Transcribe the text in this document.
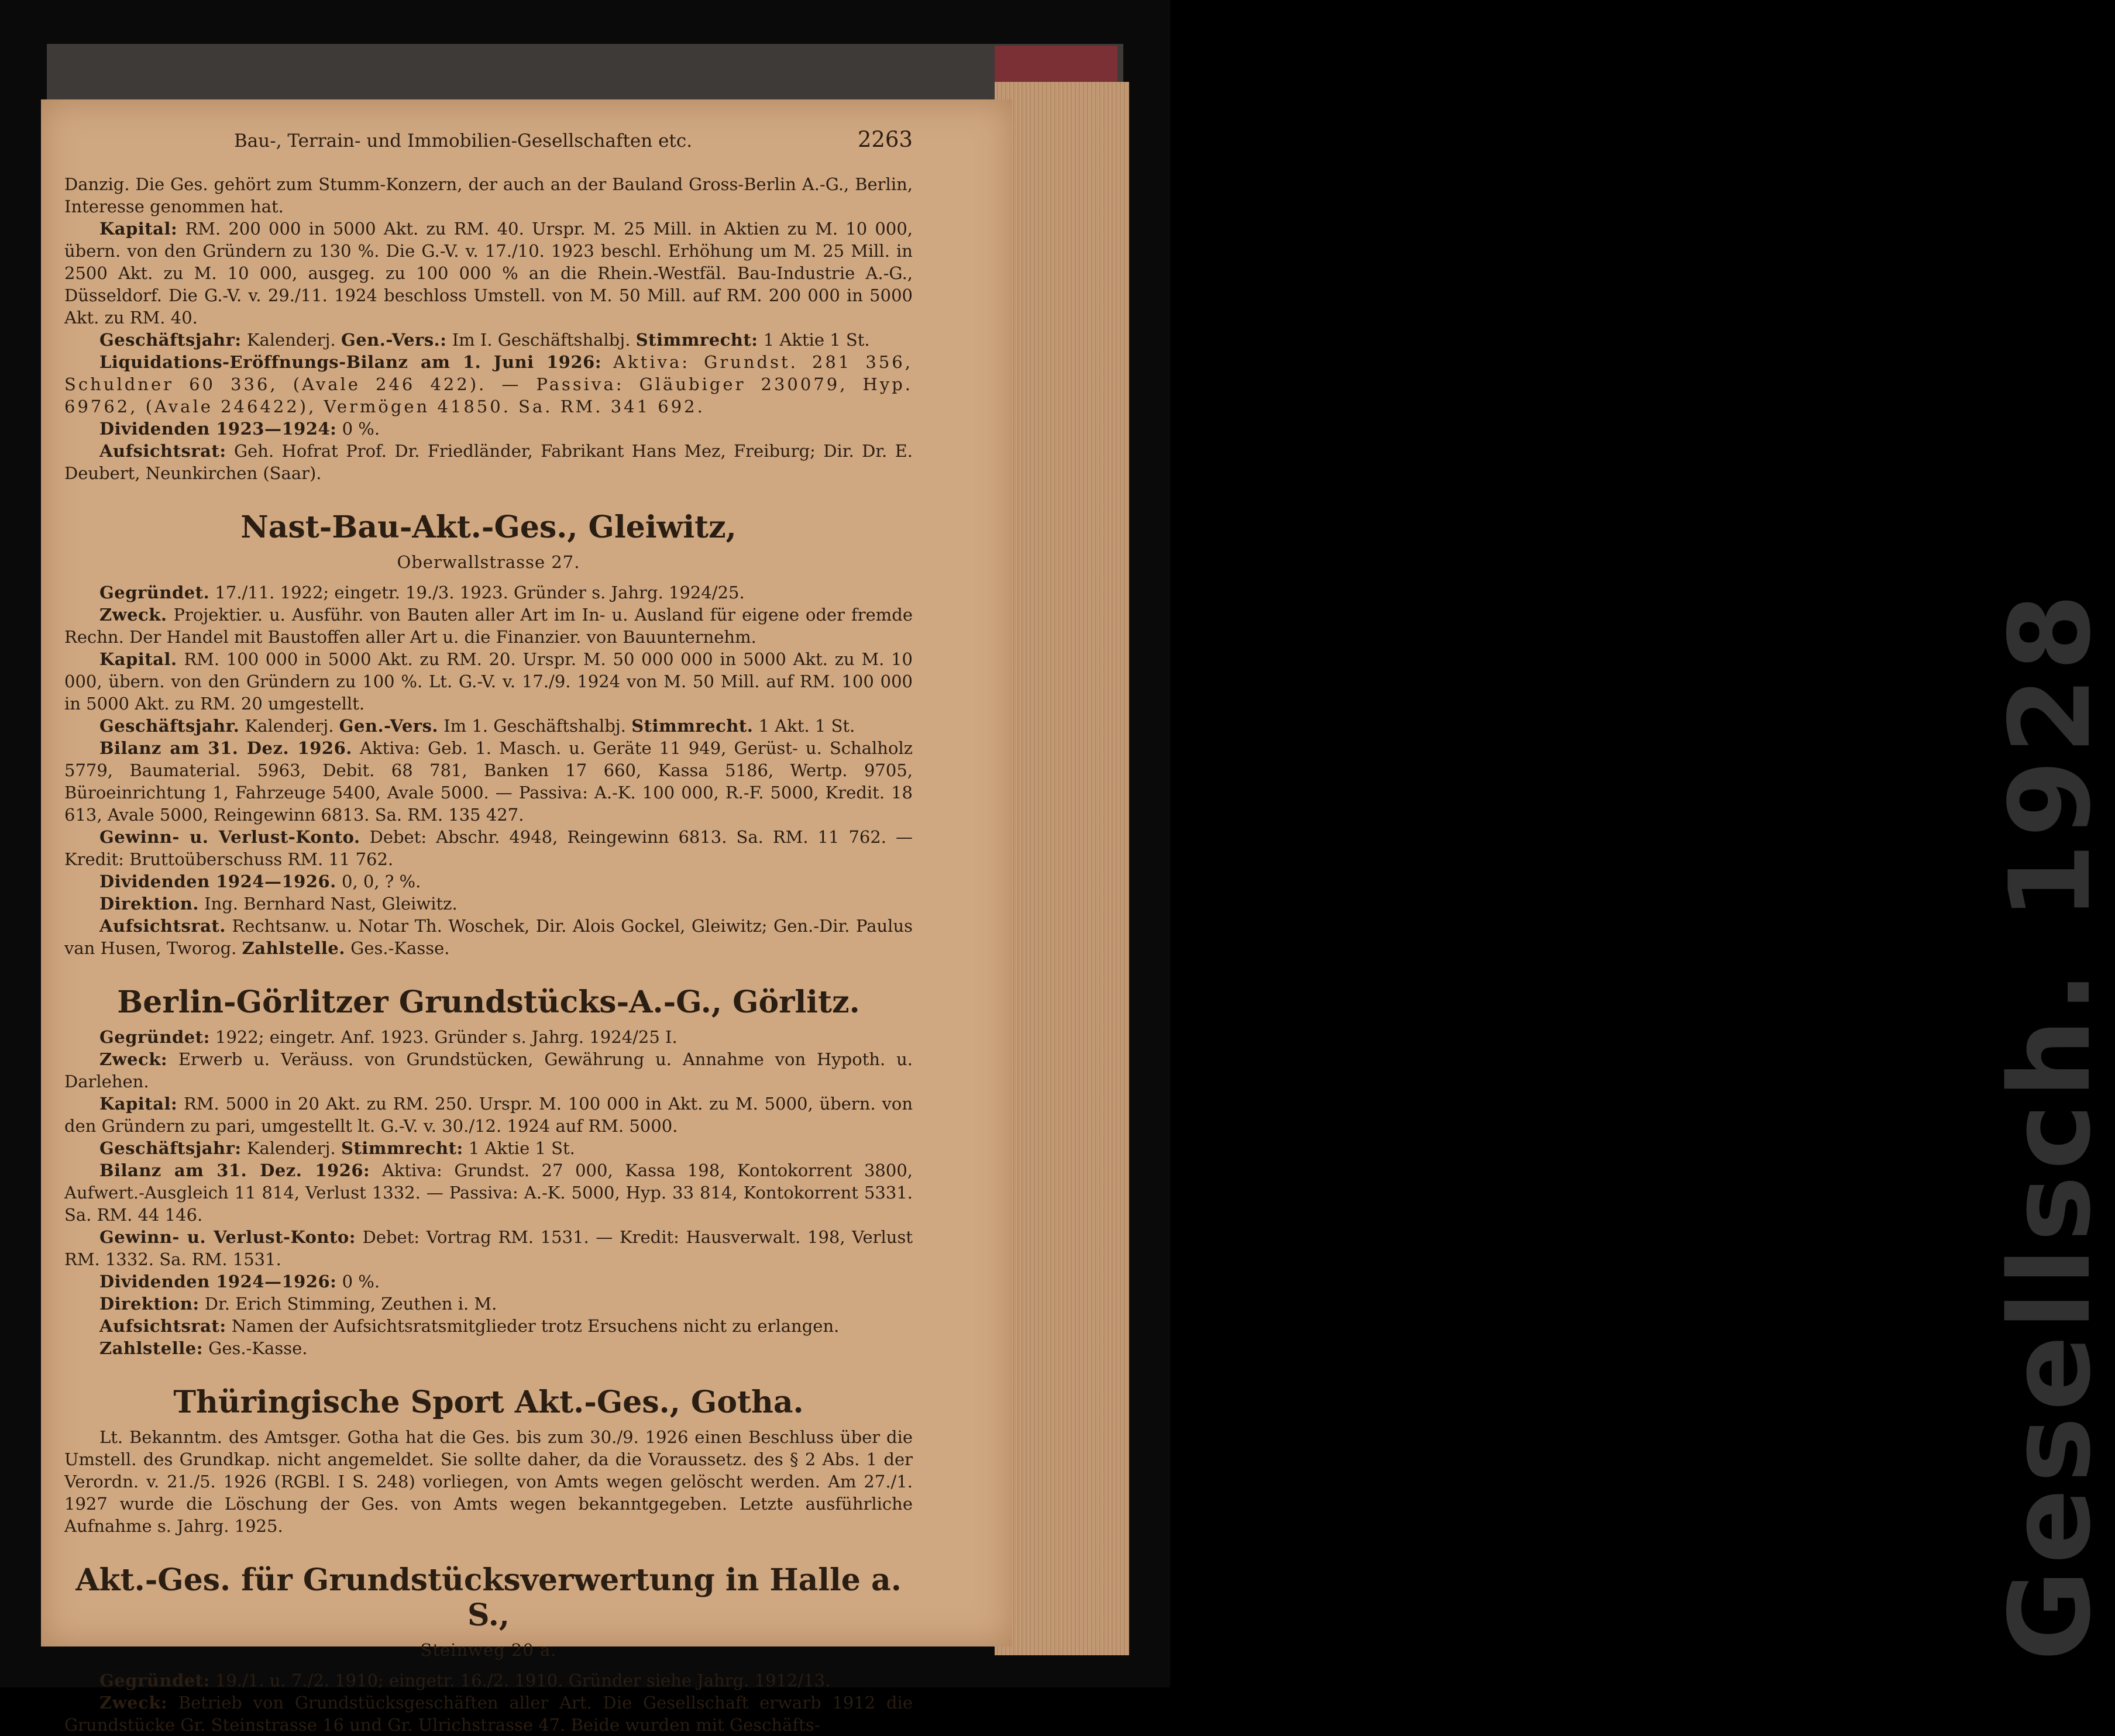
Gesellsch. 1928
Bau-, Terrain- und Immobilien-Gesellschaften etc.	2263

Danzig. Die Ges. gehört zum Stumm-Konzern, der auch an der Bauland Gross-Berlin A.-G., Berlin, Interesse genommen hat.

Kapital: RM. 200 000 in 5000 Akt. zu RM. 40. Urspr. M. 25 Mill. in Aktien zu M. 10 000, übern. von den Gründern zu 130 %. Die G.-V. v. 17./10. 1923 beschl. Erhöhung um M. 25 Mill. in 2500 Akt. zu M. 10 000, ausgeg. zu 100 000 % an die Rhein.-Westfäl. Bau-Industrie A.-G., Düsseldorf. Die G.-V. v. 29./11. 1924 beschloss Umstell. von M. 50 Mill. auf RM. 200 000 in 5000 Akt. zu RM. 40.

Geschäftsjahr: Kalenderj. Gen.-Vers.: Im I. Geschäftshalbj. Stimmrecht: 1 Aktie 1 St.

Liquidations-Eröffnungs-Bilanz am 1. Juni 1926: Aktiva: Grundst. 281 356, Schuldner 60 336, (Avale 246 422). — Passiva: Gläubiger 230079, Hyp. 69762, (Avale 246422), Vermögen 41850. Sa. RM. 341 692.

Dividenden 1923—1924: 0 %.

Aufsichtsrat: Geh. Hofrat Prof. Dr. Friedländer, Fabrikant Hans Mez, Freiburg; Dir. Dr. E. Deubert, Neunkirchen (Saar).

Nast-Bau-Akt.-Ges., Gleiwitz,
Oberwallstrasse 27.

Gegründet. 17./11. 1922; eingetr. 19./3. 1923. Gründer s. Jahrg. 1924/25.

Zweck. Projektier. u. Ausführ. von Bauten aller Art im In- u. Ausland für eigene oder fremde Rechn. Der Handel mit Baustoffen aller Art u. die Finanzier. von Bauunternehm.

Kapital. RM. 100 000 in 5000 Akt. zu RM. 20. Urspr. M. 50 000 000 in 5000 Akt. zu M. 10 000, übern. von den Gründern zu 100 %. Lt. G.-V. v. 17./9. 1924 von M. 50 Mill. auf RM. 100 000 in 5000 Akt. zu RM. 20 umgestellt.

Geschäftsjahr. Kalenderj. Gen.-Vers. Im 1. Geschäftshalbj. Stimmrecht. 1 Akt. 1 St.

Bilanz am 31. Dez. 1926. Aktiva: Geb. 1. Masch. u. Geräte 11 949, Gerüst- u. Schalholz 5779, Baumaterial. 5963, Debit. 68 781, Banken 17 660, Kassa 5186, Wertp. 9705, Büroeinrichtung 1, Fahrzeuge 5400, Avale 5000. — Passiva: A.-K. 100 000, R.-F. 5000, Kredit. 18 613, Avale 5000, Reingewinn 6813. Sa. RM. 135 427.

Gewinn- u. Verlust-Konto. Debet: Abschr. 4948, Reingewinn 6813. Sa. RM. 11 762. — Kredit: Bruttoüberschuss RM. 11 762.

Dividenden 1924—1926. 0, 0, ? %.

Direktion. Ing. Bernhard Nast, Gleiwitz.

Aufsichtsrat. Rechtsanw. u. Notar Th. Woschek, Dir. Alois Gockel, Gleiwitz; Gen.-Dir. Paulus van Husen, Tworog. Zahlstelle. Ges.-Kasse.

Berlin-Görlitzer Grundstücks-A.-G., Görlitz.

Gegründet: 1922; eingetr. Anf. 1923. Gründer s. Jahrg. 1924/25 I.

Zweck: Erwerb u. Veräuss. von Grundstücken, Gewährung u. Annahme von Hypoth. u. Darlehen.

Kapital: RM. 5000 in 20 Akt. zu RM. 250. Urspr. M. 100 000 in Akt. zu M. 5000, übern. von den Gründern zu pari, umgestellt lt. G.-V. v. 30./12. 1924 auf RM. 5000.

Geschäftsjahr: Kalenderj. Stimmrecht: 1 Aktie 1 St.

Bilanz am 31. Dez. 1926: Aktiva: Grundst. 27 000, Kassa 198, Kontokorrent 3800, Aufwert.-Ausgleich 11 814, Verlust 1332. — Passiva: A.-K. 5000, Hyp. 33 814, Kontokorrent 5331. Sa. RM. 44 146.

Gewinn- u. Verlust-Konto: Debet: Vortrag RM. 1531. — Kredit: Hausverwalt. 198, Verlust RM. 1332. Sa. RM. 1531.

Dividenden 1924—1926: 0 %.

Direktion: Dr. Erich Stimming, Zeuthen i. M.

Aufsichtsrat: Namen der Aufsichtsratsmitglieder trotz Ersuchens nicht zu erlangen.

Zahlstelle: Ges.-Kasse.

Thüringische Sport Akt.-Ges., Gotha.

Lt. Bekanntm. des Amtsger. Gotha hat die Ges. bis zum 30./9. 1926 einen Beschluss über die Umstell. des Grundkap. nicht angemeldet. Sie sollte daher, da die Voraussetz. des § 2 Abs. 1 der Verordn. v. 21./5. 1926 (RGBl. I S. 248) vorliegen, von Amts wegen gelöscht werden. Am 27./1. 1927 wurde die Löschung der Ges. von Amts wegen bekanntgegeben. Letzte ausführliche Aufnahme s. Jahrg. 1925.

Akt.-Ges. für Grundstücksverwertung in Halle a. S.,
Steinweg 20 a.

Gegründet: 19./1. u. 7./2. 1910; eingetr. 16./2. 1910. Gründer siehe Jahrg. 1912/13.

Zweck: Betrieb von Grundstücksgeschäften aller Art. Die Gesellschaft erwarb 1912 die Grundstücke Gr. Steinstrasse 16 und Gr. Ulrichstrasse 47. Beide wurden mit Geschäfts-
